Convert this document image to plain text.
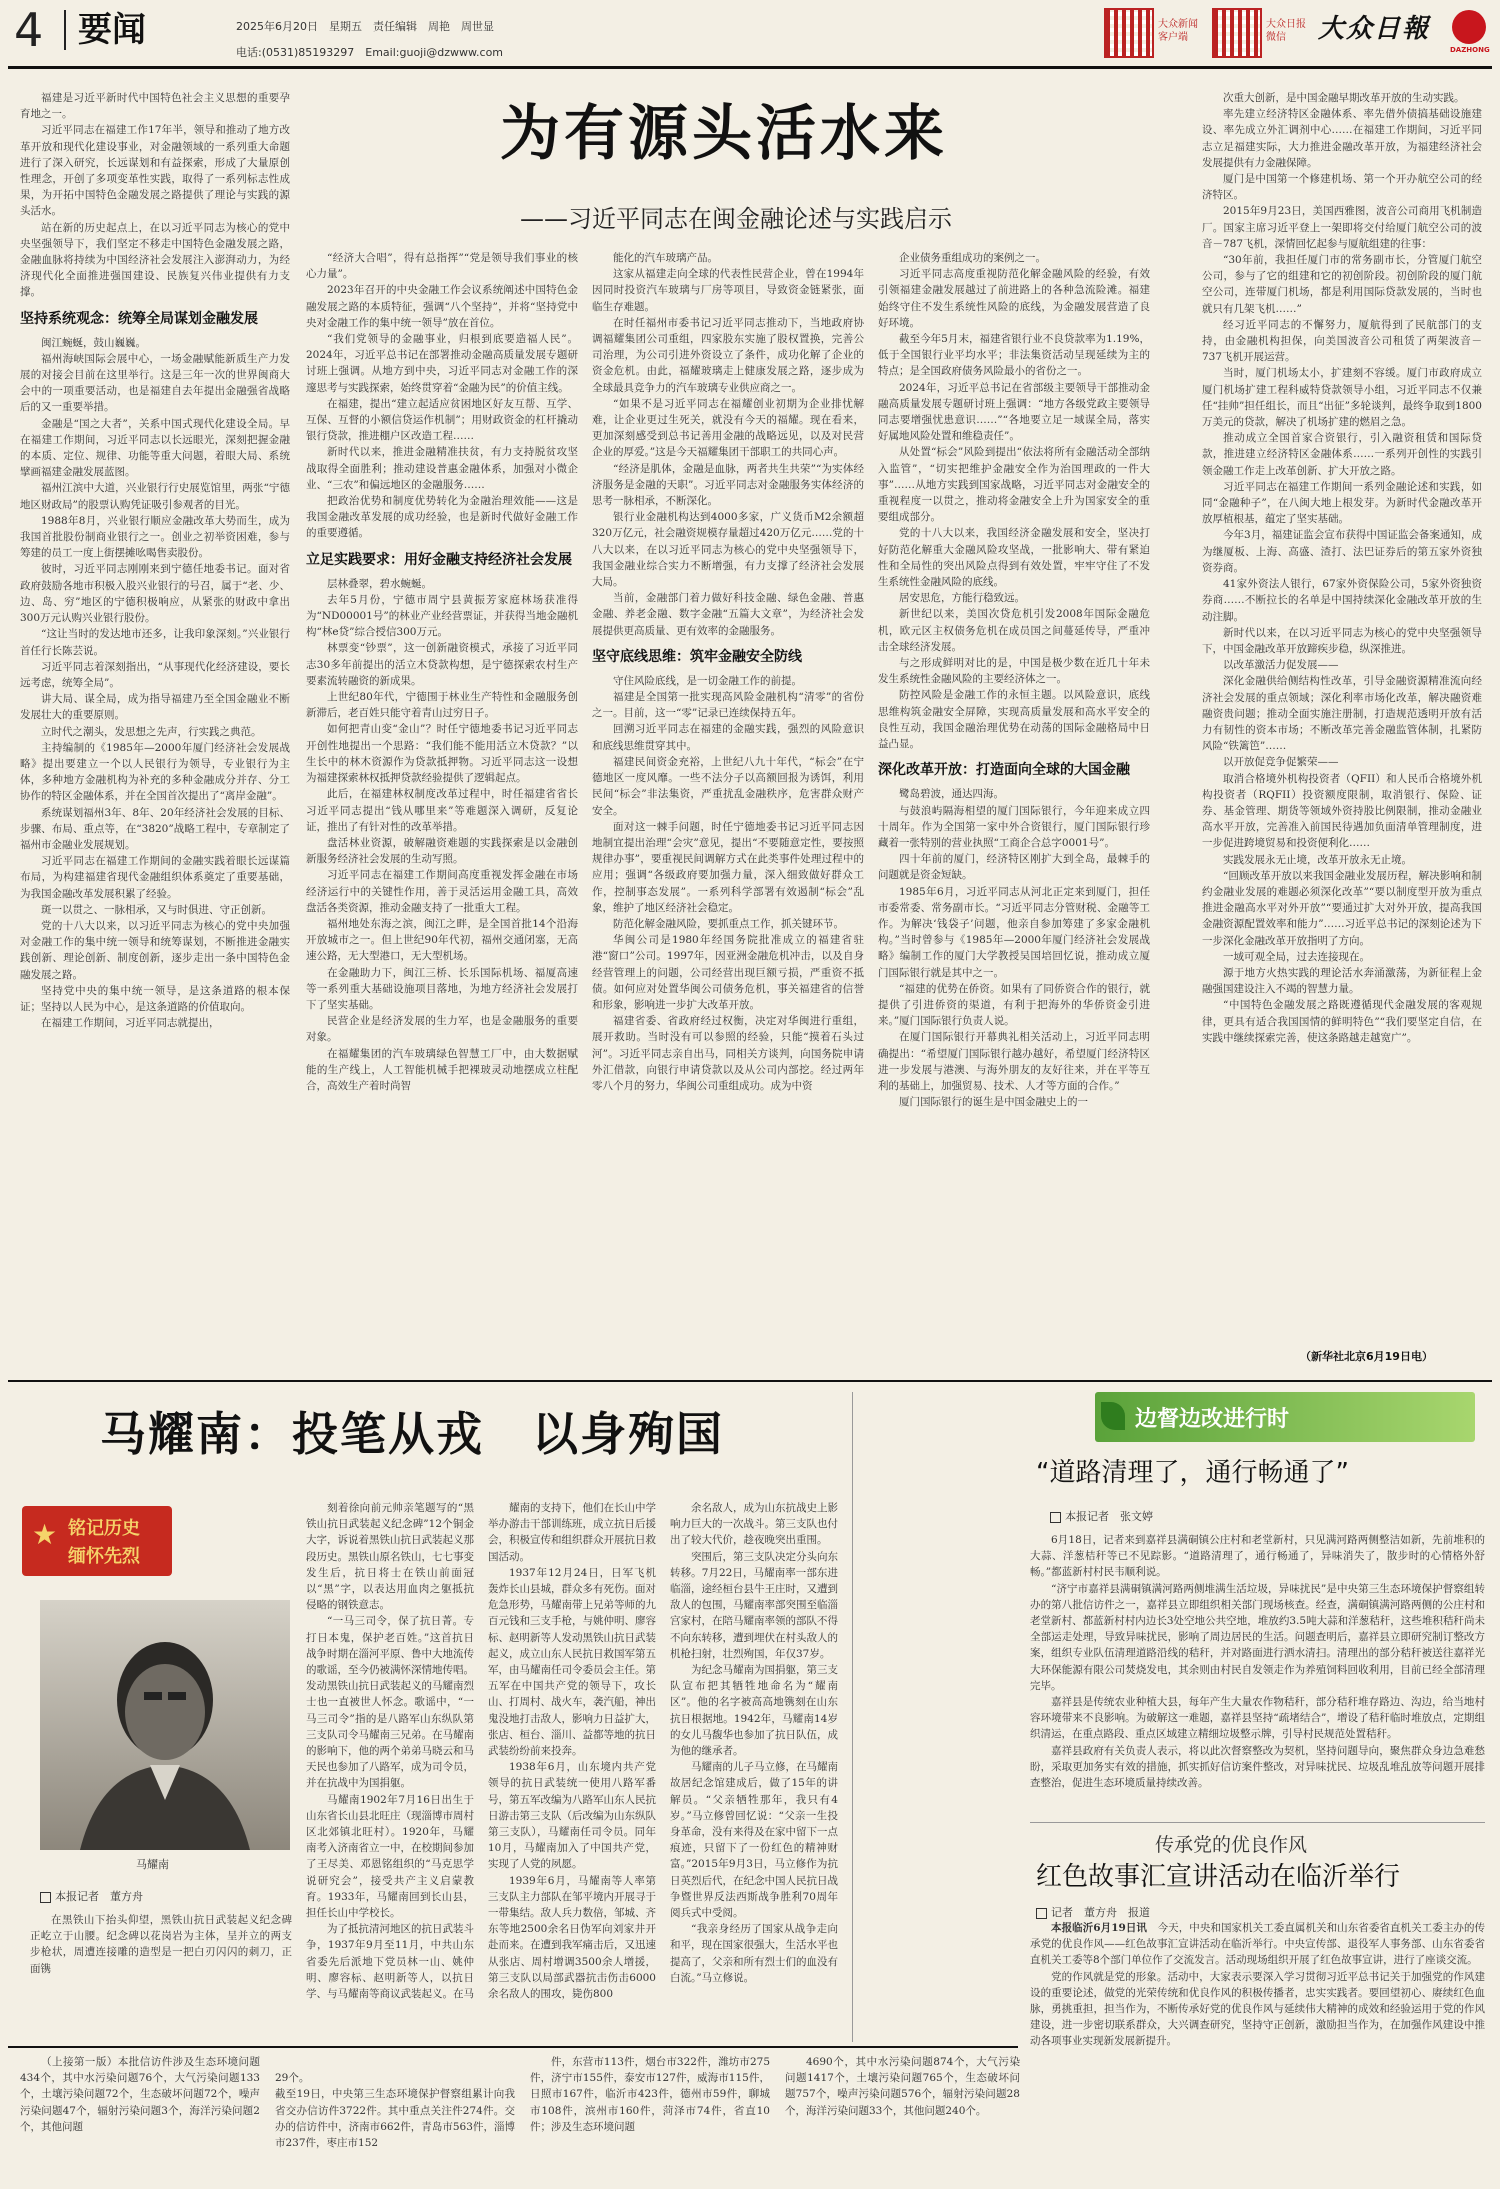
4 要闻	2025年6月20日　星期五　责任编辑　周艳　周世显
电话:(0531)85193297　Email:guoji@dzwww.com
大众新闻
客户端
大众日报
微信	大众日報
DAZHONG
为有源头活水来
——习近平同志在闽金融论述与实践启示

福建是习近平新时代中国特色社会主义思想的重要孕育地之一。

习近平同志在福建工作17年半，领导和推动了地方改革开放和现代化建设事业，对金融领域的一系列重大命题进行了深入研究，长远谋划和有益探索，形成了大量原创性理念，开创了多项变革性实践，取得了一系列标志性成果，为开拓中国特色金融发展之路提供了理论与实践的源头活水。

站在新的历史起点上，在以习近平同志为核心的党中央坚强领导下，我们坚定不移走中国特色金融发展之路，金融血脉将持续为中国经济社会发展注入澎湃动力，为经济现代化全面推进强国建设、民族复兴伟业提供有力支撑。

坚持系统观念：统筹全局谋划金融发展

闽江蜿蜒，鼓山巍巍。

福州海峡国际会展中心，一场金融赋能新质生产力发展的对接会目前在这里举行。这是三年一次的世界闽商大会中的一项重要活动，也是福建自去年提出金融强省战略后的又一重要举措。

金融是“国之大者”，关系中国式现代化建设全局。早在福建工作期间，习近平同志以长远眼光，深刻把握金融的本质、定位、规律、功能等重大问题，着眼大局、系统擘画福建金融发展蓝图。

福州江滨中大道，兴业银行行史展览馆里，两张“宁德地区财政局”的股票认购凭证吸引参观者的目光。

1988年8月，兴业银行顺应金融改革大势而生，成为我国首批股份制商业银行之一。创业之初举资困难，参与筹建的员工一度上街摆摊吆喝售卖股份。

彼时，习近平同志刚刚来到宁德任地委书记。面对省政府鼓励各地市积极入股兴业银行的号召，属于“老、少、边、岛、穷”地区的宁德积极响应，从紧张的财政中拿出300万元认购兴业银行股份。

“这让当时的发达地市还多，让我印象深刻。”兴业银行首任行长陈芸说。

习近平同志着深刻指出，“从事现代化经济建设，要长远考虑，统筹全局”。

讲大局、谋全局，成为指导福建乃至全国金融业不断发展壮大的重要原则。

立时代之潮头，发思想之先声，行实践之典范。

主持编制的《1985年—2000年厦门经济社会发展战略》提出要建立一个以人民银行为领导，专业银行为主体，多种地方金融机构为补充的多种金融成分并存、分工协作的特区金融体系，并在全国首次提出了“离岸金融”。

系统谋划福州3年、8年、20年经济社会发展的目标、步骤、布局、重点等，在“3820”战略工程中，专章制定了福州市金融业发展规划。

习近平同志在福建工作期间的金融实践着眼长远谋篇布局，为构建福建省现代金融组织体系奠定了重要基础，为我国金融改革发展积累了经验。

斑一以贯之、一脉相承，又与时俱进、守正创新。

党的十八大以来，以习近平同志为核心的党中央加强对金融工作的集中统一领导和统筹谋划，不断推进金融实践创新、理论创新、制度创新，逐步走出一条中国特色金融发展之路。

坚持党中央的集中统一领导，是这条道路的根本保证；坚持以人民为中心，是这条道路的价值取向。

在福建工作期间，习近平同志就提出，

“经济大合唱”，得有总指挥”“党是领导我们事业的核心力量”。

2023年召开的中央金融工作会议系统阐述中国特色金融发展之路的本质特征，强调“八个坚持”，并将“坚持党中央对金融工作的集中统一领导”放在首位。

“我们党领导的金融事业，归根到底要造福人民”。2024年，习近平总书记在部署推动金融高质量发展专题研讨班上强调。从地方到中央，习近平同志对金融工作的深邃思考与实践探索，始终贯穿着“金融为民”的价值主线。

在福建，提出“建立起适应贫困地区好友互帮、互学、互保、互督的小额信贷运作机制”；用财政资金的杠杆撬动银行贷款，推进棚户区改造工程……

新时代以来，推进金融精准扶贫，有力支持脱贫攻坚战取得全面胜利；推动建设普惠金融体系，加强对小微企业、“三农”和偏远地区的金融服务……

把政治优势和制度优势转化为金融治理效能——这是我国金融改革发展的成功经验，也是新时代做好金融工作的重要遵循。

立足实践要求：用好金融支持经济社会发展

层林叠翠，碧水蜿蜒。

去年5月份，宁德市周宁县黄振芳家庭林场获准得为“ND00001号”的林业产业经营票证，并获得当地金融机构“林e贷”综合授信300万元。

林票变“钞票”，这一创新融资模式，承接了习近平同志30多年前提出的活立木贷款构想，是宁德探索农村生产要素流转融资的新成果。

上世纪80年代，宁德围于林业生产特性和金融服务创新滞后，老百姓只能守着青山过穷日子。

如何把青山变“金山”？时任宁德地委书记习近平同志开创性地提出一个思路：“我们能不能用活立木贷款？”以生长中的林木资源作为贷款抵押物。习近平同志这一设想为福建探索林权抵押贷款经验提供了逻辑起点。

此后，在福建林权制度改革过程中，时任福建省省长习近平同志提出“钱从哪里来”等难题深入调研，反复论证，推出了有针对性的改革举措。

盘活林业资源，破解融资难题的实践探索是以金融创新服务经济社会发展的生动写照。

习近平同志在福建工作期间高度重视发挥金融在市场经济运行中的关键性作用，善于灵活运用金融工具，高效盘活各类资源，推动金融支持了一批重大工程。

福州地处东海之滨，闽江之畔，是全国首批14个沿海开放城市之一。但上世纪90年代初，福州交通闭塞，无高速公路，无大型港口，无大型机场。

在金融助力下，闽江三桥、长乐国际机场、福厦高速等一系列重大基础设施项目落地，为地方经济社会发展打下了坚实基础。

民营企业是经济发展的生力军，也是金融服务的重要对象。

在福耀集团的汽车玻璃绿色智慧工厂中，由大数据赋能的生产线上，人工智能机械手把裸玻灵动地摆成立柱配合，高效生产着时尚智

能化的汽车玻璃产品。

这家从福建走向全球的代表性民营企业，曾在1994年因同时投资汽车玻璃与厂房等项目，导致资金链紧张，面临生存难题。

在时任福州市委书记习近平同志推动下，当地政府协调福耀集团公司重组，四家股东实施了股权置换，完善公司治理，为公司引进外资设立了条件，成功化解了企业的资金危机。由此，福耀玻璃走上健康发展之路，逐步成为全球最具竞争力的汽车玻璃专业供应商之一。

“如果不是习近平同志在福耀创业初期为企业排忧解难，让企业更过生死关，就没有今天的福耀。现在看来，更加深刻感受到总书记善用金融的战略远见，以及对民营企业的厚爱。”这是今天福耀集团干部职工的共同心声。

“经济是肌体，金融是血脉，两者共生共荣”“为实体经济服务是金融的天职”。习近平同志对金融服务实体经济的思考一脉相承，不断深化。

银行业金融机构达到4000多家，广义货币M2余额超320万亿元，社会融资规模存量超过420万亿元……党的十八大以来，在以习近平同志为核心的党中央坚强领导下，我国金融业综合实力不断增强，有力支撑了经济社会发展大局。

当前，金融部门着力做好科技金融、绿色金融、普惠金融、养老金融、数字金融“五篇大文章”，为经济社会发展提供更高质量、更有效率的金融服务。

坚守底线思维：筑牢金融安全防线

守住风险底线，是一切金融工作的前提。

福建是全国第一批实现高风险金融机构“清零”的省份之一。目前，这一“零”记录已连续保持五年。

回溯习近平同志在福建的金融实践，强烈的风险意识和底线思维贯穿其中。

福建民间资金充裕，上世纪八九十年代，“标会”在宁德地区一度风靡。一些不法分子以高额回报为诱饵，利用民间“标会”非法集资，严重扰乱金融秩序，危害群众财产安全。

面对这一棘手问题，时任宁德地委书记习近平同志因地制宜提出治理“会灾”意见，提出“不要随意定性，要按照规律办事”，要重视民间调解方式在此类事件处理过程中的应用；强调“各级政府要加强力量，深入细致做好群众工作，控制事态发展”。一系列科学部署有效遏制“标会”乱象，维护了地区经济社会稳定。

防范化解金融风险，要抓重点工作，抓关键环节。

华闽公司是1980年经国务院批准成立的福建省驻港“窗口”公司。1997年，因亚洲金融危机冲击，以及自身经营管理上的问题，公司经营出现巨额亏损，严重资不抵债。如何应对处置华闽公司债务危机，事关福建省的信誉和形象，影响进一步扩大改革开放。

福建省委、省政府经过权衡，决定对华闽进行重组，展开救助。当时没有可以参照的经验，只能“摸着石头过河”。习近平同志亲自出马，同相关方谈判，向国务院申请外汇借款，向银行申请贷款以及从公司内部挖。经过两年零八个月的努力，华闽公司重组成功。成为中资

企业债务重组成功的案例之一。

习近平同志高度重视防范化解金融风险的经验，有效引领福建金融发展越过了前进路上的各种急流险滩。福建始终守住不发生系统性风险的底线，为金融发展营造了良好环境。

截至今年5月末，福建省银行业不良贷款率为1.19%，低于全国银行业平均水平；非法集资活动呈现延续为主的特点；是全国政府债务风险最小的省份之一。

2024年，习近平总书记在省部级主要领导干部推动金融高质量发展专题研讨班上强调：“地方各级党政主要领导同志要增强忧患意识……”“各地要立足一域谋全局，落实好属地风险处置和维稳责任”。

从处置“标会”风险到提出“依法将所有金融活动全部纳入监管”，“切实把维护金融安全作为治国理政的一件大事”……从地方实践到国家战略，习近平同志对金融安全的重视程度一以贯之，推动将金融安全上升为国家安全的重要组成部分。

党的十八大以来，我国经济金融发展和安全，坚决打好防范化解重大金融风险攻坚战，一批影响大、带有紧迫性和全局性的突出风险点得到有效处置，牢牢守住了不发生系统性金融风险的底线。

居安思危，方能行稳致远。

新世纪以来，美国次贷危机引发2008年国际金融危机，欧元区主权债务危机在成员国之间蔓延传导，严重冲击全球经济发展。

与之形成鲜明对比的是，中国是极少数在近几十年未发生系统性金融风险的主要经济体之一。

防控风险是金融工作的永恒主题。以风险意识，底线思维构筑金融安全屏障，实现高质量发展和高水平安全的良性互动，我国金融治理优势在动荡的国际金融格局中日益凸显。

深化改革开放：打造面向全球的大国金融

鹭岛碧波，通达四海。

与鼓浪屿隔海相望的厦门国际银行，今年迎来成立四十周年。作为全国第一家中外合资银行，厦门国际银行珍藏着一张特别的营业执照“工商企合总字0001号”。

四十年前的厦门，经济特区刚扩大到全岛，最棘手的问题就是资金短缺。

1985年6月，习近平同志从河北正定来到厦门，担任市委常委、常务副市长。“习近平同志分管财税、金融等工作。为解决‘钱袋子’问题，他亲自参加筹建了多家金融机构。”当时曾参与《1985年—2000年厦门经济社会发展战略》编制工作的厦门大学教授吴国培回忆说，推动成立厦门国际银行就是其中之一。

“福建的优势在侨资。如果有了同侨资合作的银行，就提供了引进侨资的渠道，有利于把海外的华侨资金引进来。”厦门国际银行负责人说。

在厦门国际银行开幕典礼相关活动上，习近平同志明确提出：“希望厦门国际银行越办越好，希望厦门经济特区进一步发展与港澳、与海外朋友的友好往来，并在平等互利的基础上，加强贸易、技术、人才等方面的合作。”

厦门国际银行的诞生是中国金融史上的一

次重大创新，是中国金融早期改革开放的生动实践。

率先建立经济特区金融体系、率先借外债搞基础设施建设、率先成立外汇调剂中心……在福建工作期间，习近平同志立足福建实际，大力推进金融改革开放，为福建经济社会发展提供有力金融保障。

厦门是中国第一个修建机场、第一个开办航空公司的经济特区。

2015年9月23日，美国西雅图，波音公司商用飞机制造厂。国家主席习近平登上一架即将交付给厦门航空公司的波音－787飞机，深情回忆起参与厦航组建的往事：

“30年前，我担任厦门市的常务副市长，分管厦门航空公司，参与了它的组建和它的初创阶段。初创阶段的厦门航空公司，连带厦门机场，都是利用国际贷款发展的，当时也就只有几架飞机……”

经习近平同志的不懈努力，厦航得到了民航部门的支持，由金融机构担保，向美国波音公司租赁了两架波音－737飞机开展运营。

当时，厦门机场太小，扩建刻不容缓。厦门市政府成立厦门机场扩建工程科威特贷款领导小组，习近平同志不仅兼任“挂帅”担任组长，而且“出征”多轮谈判，最终争取到1800万美元的贷款，解决了机场扩建的燃眉之急。

推动成立全国首家合资银行，引入融资租赁和国际贷款，推进建立经济特区金融体系……一系列开创性的实践引领金融工作走上改革创新、扩大开放之路。

习近平同志在福建工作期间一系列金融论述和实践，如同“金融种子”，在八闽大地上根发芽。为新时代金融改革开放厚植根基，蕴定了坚实基础。

今年3月，福建证监会宣布获得中国证监会备案通知，成为继厦板、上海、高盛、渣打、法巴证券后的第五家外资独资券商。

41家外资法人银行，67家外资保险公司，5家外资独资券商……不断拉长的名单是中国持续深化金融改革开放的生动注脚。

新时代以来，在以习近平同志为核心的党中央坚强领导下，中国金融改革开放蹄疾步稳，纵深推进。

以改革激活力促发展——

深化金融供给侧结构性改革，引导金融资源精准流向经济社会发展的重点领域；深化利率市场化改革，解决融资难融资贵问题；推动全面实施注册制，打造规范透明开放有活力有韧性的资本市场；不断改革完善金融监管体制，扎紧防风险“铁篱笆”……

以开放促竞争促繁荣——

取消合格境外机构投资者（QFII）和人民币合格境外机构投资者（RQFII）投资额度限制，取消银行、保险、证券、基金管理、期货等领域外资持股比例限制，推动金融业高水平开放，完善准入前国民待遇加负面清单管理制度，进一步促进跨境贸易和投资便利化……

实践发展永无止境，改革开放永无止境。

“回顾改革开放以来我国金融业发展历程，解决影响和制约金融业发展的难题必须深化改革”“要以制度型开放为重点推进金融高水平对外开放”“要通过扩大对外开放，提高我国金融资源配置效率和能力”……习近平总书记的深刻论述为下一步深化金融改革开放指明了方向。

一域可观全局，过去连接现在。

源于地方火热实践的理论活水奔涌激荡，为新征程上金融强国建设注入不竭的智慧力量。

“中国特色金融发展之路既遵循现代金融发展的客观规律，更具有适合我国国情的鲜明特色”“我们要坚定自信，在实践中继续探索完善，使这条路越走越宽广”。

（新华社北京6月19日电）
马耀南：投笔从戎　以身殉国
★ 铭记历史
缅怀先烈
马耀南
本报记者　董方舟

在黑铁山下抬头仰望，黑铁山抗日武装起义纪念碑正屹立于山腰。纪念碑以花岗岩为主体，呈并立的两支步枪状，周遭连接雕的造型是一把白刃闪闪的刺刀，正面镌

刻着徐向前元帅亲笔题写的“黑铁山抗日武装起义纪念碑”12个铜金大字，诉说着黑铁山抗日武装起义那段历史。黑铁山原名铁山，七七事变发生后，抗日将士在铁山前面冠以“黑”字，以表达用血肉之躯抵抗侵略的钢铁意志。

“一马三司令，保了抗日菁。专打日本鬼，保护老百姓。”这首抗日战争时期在淄河平原、鲁中大地流传的歌谣，至今仍被满怀深情地传唱。发动黑铁山抗日武装起义的马耀南烈士也一直被世人怀念。歌谣中，“一马三司令”指的是八路军山东纵队第三支队司令马耀南三兄弟。在马耀南的影响下，他的两个弟弟马晓云和马天民也参加了八路军，成为司令员，并在抗战中为国捐躯。

马耀南1902年7月16日出生于山东省长山县北旺庄（现淄博市周村区北郊镇北旺村）。1920年，马耀南考入济南省立一中，在校期间参加了王尽美、邓恩铭组织的“马克思学说研究会”，接受共产主义启蒙教育。1933年，马耀南回到长山县，担任长山中学校长。

为了抵抗清河地区的抗日武装斗争，1937年9月至11月，中共山东省委先后派地下党员林一山、姚仲明、廖容标、赵明新等人，以抗日学、与马耀南等商议武装起义。在马

耀南的支持下，他们在长山中学举办游击干部训练班，成立抗日后援会，积极宣传和组织群众开展抗日救国活动。

1937年12月24日，日军飞机轰炸长山县城，群众多有死伤。面对危急形势，马耀南带上兄弟等师的九百元钱和三支手枪，与姚仲明、廖容标、赵明新等人发动黑铁山抗日武装起义，成立山东人民抗日救国军第五军，由马耀南任司令委员会主任。第五军在中国共产党的领导下，攻长山、打周村、战火车，袭汽船，神出鬼没地打击敌人，影响力日益扩大，张店、桓台、淄川、益都等地的抗日武装纷纷前来投奔。

1938年6月，山东境内共产党领导的抗日武装统一使用八路军番号，第五军改编为八路军山东人民抗日游击第三支队（后改编为山东纵队第三支队），马耀南任司令员。同年10月，马耀南加入了中国共产党，实现了人党的夙愿。

1939年6月，马耀南等人率第三支队主力部队在邹平境内开展寻于一带集结。敌人兵力数倍，邹城、齐东等地2500余名日伪军向刘家井开赴而来。在遭到我军痛击后，又迅速从张店、周村增调3500余人增援，第三支队以局部武器抗击伤击6000余名敌人的围攻，毙伤800

余名敌人，成为山东抗战史上影响力巨大的一次战斗。第三支队也付出了较大代价，趁夜晚突出重围。

突围后，第三支队决定分头向东转移。7月22日，马耀南率一部东进临淄，途经桓台县牛王庄时，又遭到敌人的包围，马耀南率部突围至临淄宫家村，在陪马耀南率领的部队不得不向东转移，遭到埋伏在村头敌人的机枪扫射，壮烈殉国，年仅37岁。

为纪念马耀南为国捐躯，第三支队宣布把其牺牲地命名为“耀南区”。他的名字被高高地镌刻在山东抗日根据地。1942年，马耀南14岁的女儿马馥华也参加了抗日队伍，成为他的继承者。

马耀南的儿子马立修，在马耀南故居纪念馆建成后，做了15年的讲解员。“父亲牺牲那年，我只有4岁。”马立修曾回忆说：“父亲一生投身革命，没有来得及在家中留下一点痕迹，只留下了一份红色的精神财富。”2015年9月3日，马立修作为抗日英烈后代，在纪念中国人民抗日战争暨世界反法西斯战争胜利70周年阅兵式中受阅。

“我亲身经历了国家从战争走向和平，现在国家很强大，生活水平也提高了，父亲和所有烈士们的血没有白流。”马立修说。

边督边改进行时
“道路清理了，通行畅通了”
本报记者　张文婷

6月18日，记者来到嘉祥县满硐镇公庄村和老堂新村，只见满河路两侧整洁如新，先前堆积的大蒜、洋葱桔秆等已不见踪影。“道路清理了，通行畅通了，异味消失了，散步时的心情格外舒畅。”都蓝新村村民韦顺利说。

“济宁市嘉祥县满硐镇满河路两侧堆满生活垃圾，异味扰民”是中央第三生态环境保护督察组转办的第八批信访件之一，嘉祥县立即组织相关部门现场核查。经查，满硐镇满河路两侧的公庄村和老堂新村、都蓝新村村内边长3处空地公共空地，堆放约3.5吨大蒜和洋葱秸秆，这些堆积秸秆尚未全部运走处理，导致异味扰民，影响了周边居民的生活。问题查明后，嘉祥县立即研究制订整改方案，组织专业队伍清理道路沿线的秸秆，并对路面进行洒水清扫。清理出的部分秸秆被送往嘉祥光大环保能源有限公司焚烧发电，其余则由村民自发领走作为养殖饲料回收利用，目前已经全部清理完毕。

嘉祥县是传统农业种植大县，每年产生大量农作物秸秆，部分秸秆堆存路边、沟边，给当地村容环境带来不良影响。为破解这一难题，嘉祥县坚持“疏堵结合”，增设了秸秆临时堆放点，定期组织清运，在重点路段、重点区域建立精细垃圾整示牌，引导村民规范处置秸秆。

嘉祥县政府有关负责人表示，将以此次督察整改为契机，坚持问题导向，聚焦群众身边急难愁盼，采取更加务实有效的措施，抓实抓好信访案件整改，对异味扰民、垃圾乱堆乱放等问题开展排查整治，促进生态环境质量持续改善。

传承党的优良作风
红色故事汇宣讲活动在临沂举行
记者　董方舟　报道

本报临沂6月19日讯　 今天，中央和国家机关工委直属机关和山东省委省直机关工委主办的传承党的优良作风——红色故事汇宣讲活动在临沂举行。中央宣传部、退役军人事务部、山东省委省直机关工委等8个部门单位作了交流发言。活动现场组织开展了红色故事宣讲，进行了座谈交流。

党的作风就是党的形象。活动中，大家表示要深入学习贯彻习近平总书记关于加强党的作风建设的重要论述，做党的光荣传统和优良作风的积极传播者，忠实实践者。要回望初心、赓续红色血脉，勇挑重担，担当作为，不断传承好党的优良作风与延续伟大精神的成效和经验运用于党的作风建设，进一步密切联系群众，大兴调查研究，坚持守正创新，激励担当作为，在加强作风建设中推动各项事业实现新发展新提升。

（上接第一版）本批信访件涉及生态环境问题434个，其中水污染问题76个，大气污染问题133个，土壤污染问题72个，生态破坏问题72个，噪声污染问题47个，辐射污染问题3个，海洋污染问题2个，其他问题

29个。
截至19日，中央第三生态环境保护督察组累计向我省交办信访件3722件。其中重点关注件274件。交办的信访件中，济南市662件，青岛市563件，淄博市237件，枣庄市152

件，东营市113件，烟台市322件，潍坊市275件，济宁市155件，泰安市127件，威海市115件，日照市167件，临沂市423件，德州市59件，聊城市108件，滨州市160件，菏泽市74件，省直10件；涉及生态环境问题

4690个，其中水污染问题874个，大气污染问题1417个，土壤污染问题765个，生态破坏问题757个，噪声污染问题576个，辐射污染问题28个，海洋污染问题33个，其他问题240个。
